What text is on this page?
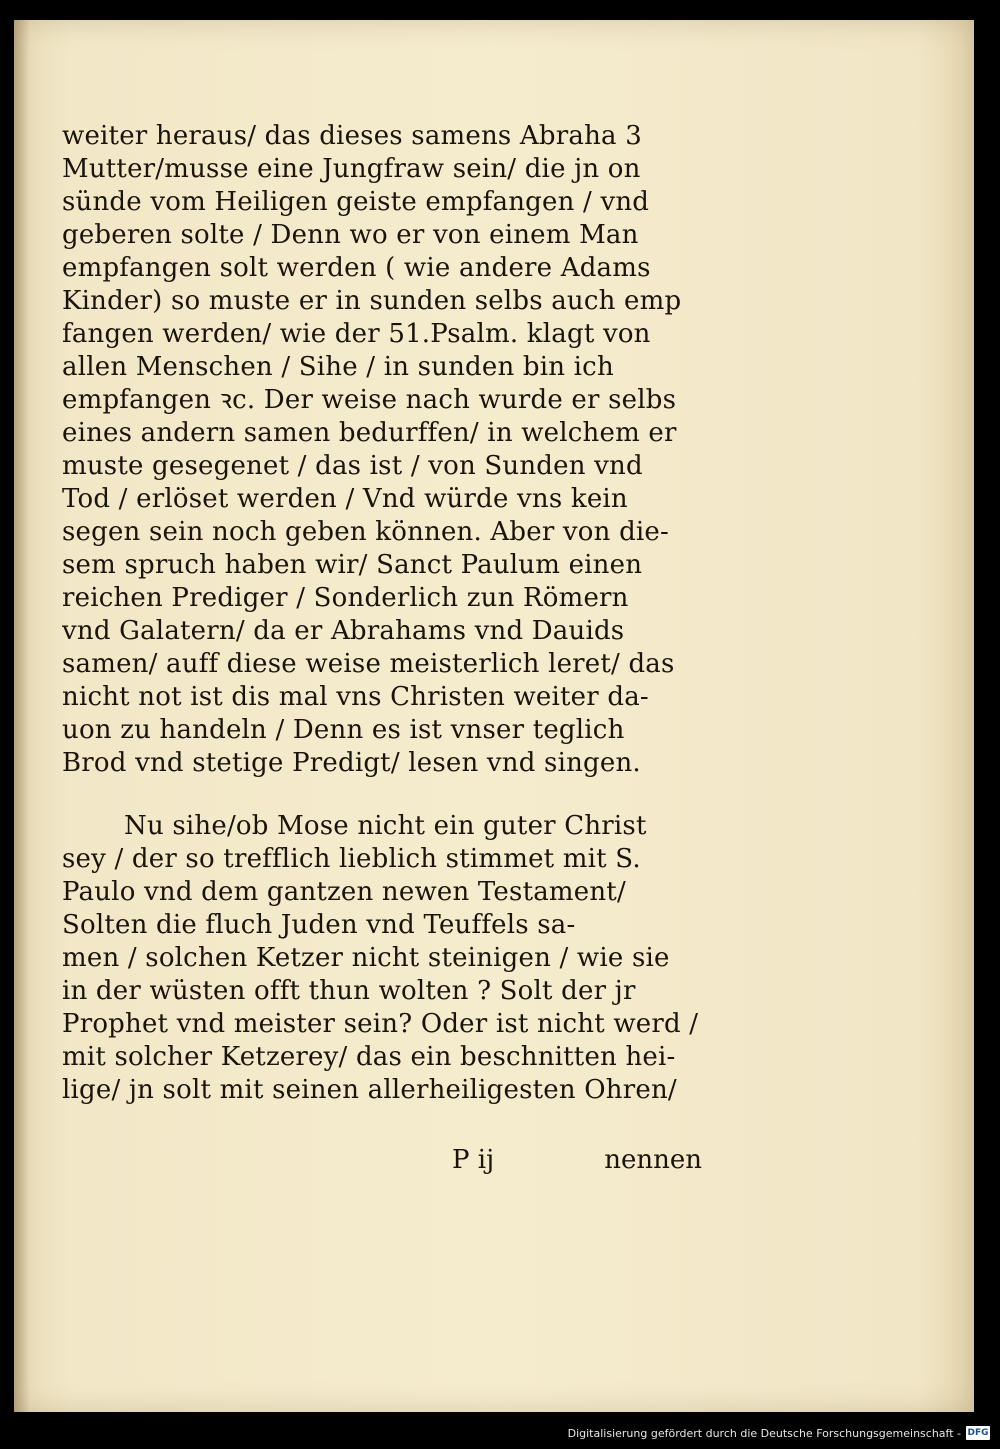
weiter heraus/ das dieses samens Abraha 3
Mutter/musse eine Jungfraw sein/ die jn on
sünde vom Heiligen geiste empfangen / vnd
geberen solte / Denn wo er von einem Man
empfangen solt werden ( wie andere Adams
Kinder) so muste er in sunden selbs auch emp
fangen werden/ wie der 51.Psalm. klagt von
allen Menschen / Sihe / in sunden bin ich
empfangen ꝛc. Der weise nach wurde er selbs
eines andern samen bedurffen/ in welchem er
muste gesegenet / das ist / von Sunden vnd
Tod / erlöset werden / Vnd würde vns kein
segen sein noch geben können. Aber von die-
sem spruch haben wir/ Sanct Paulum einen
reichen Prediger / Sonderlich zun Römern
vnd Galatern/ da er Abrahams vnd Dauids
samen/ auff diese weise meisterlich leret/ das
nicht not ist dis mal vns Christen weiter da-
uon zu handeln / Denn es ist vnser teglich
Brod vnd stetige Predigt/ lesen vnd singen.
Nu sihe/ob Mose nicht ein guter Christ
sey / der so trefflich lieblich stimmet mit S.
Paulo vnd dem gantzen newen Testament/
Solten die fluch Juden vnd Teuffels sa-
men / solchen Ketzer nicht steinigen / wie sie
in der wüsten offt thun wolten ? Solt der jr
Prophet vnd meister sein? Oder ist nicht werd /
mit solcher Ketzerey/ das ein beschnitten hei-
lige/ jn solt mit seinen allerheiligesten Ohren/
P ij	nennen
Digitalisierung gefördert durch die Deutsche Forschungsgemeinschaft - DFG
